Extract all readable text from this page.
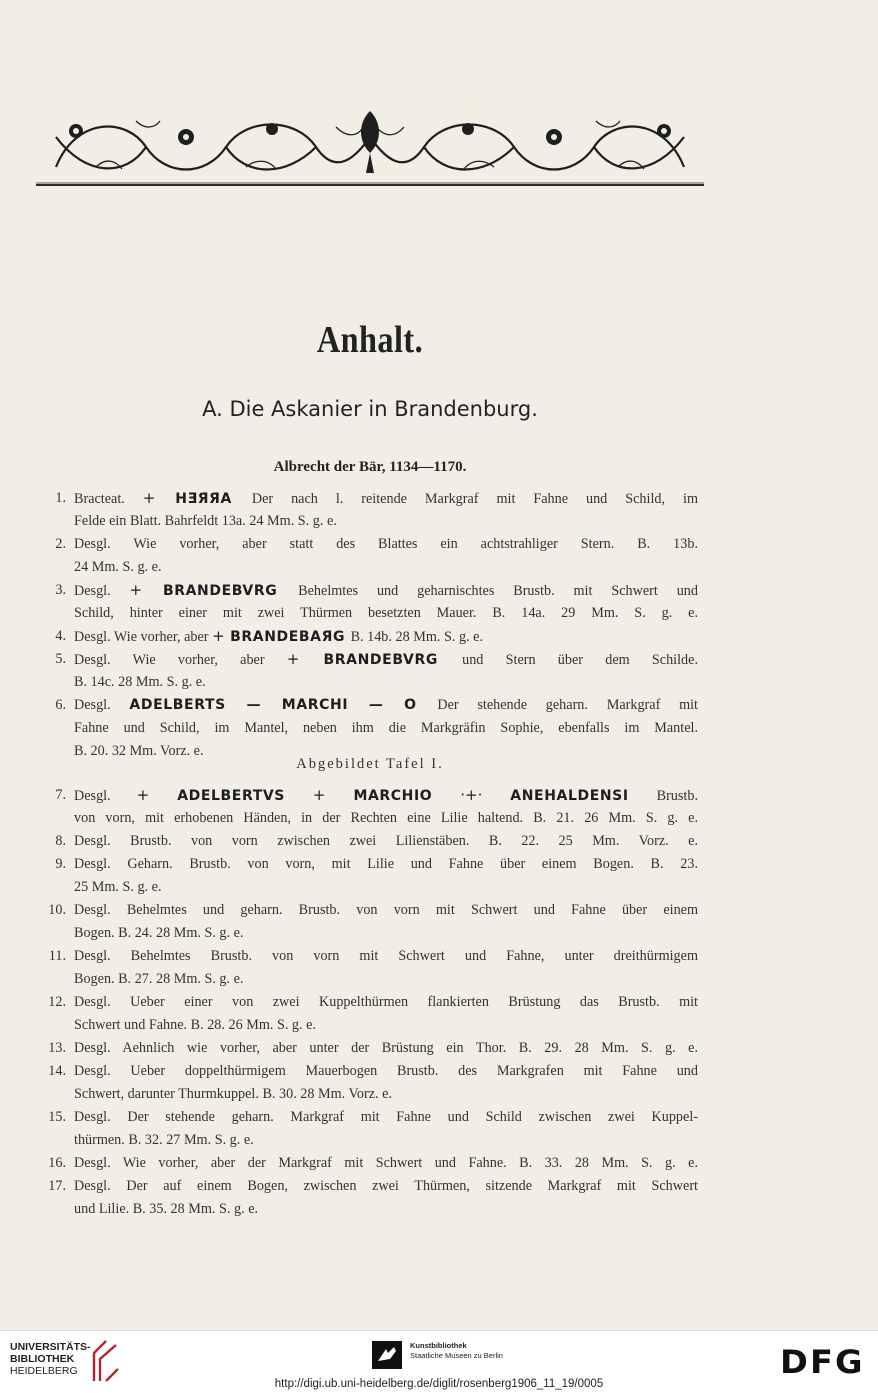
Anhalt.
A. Die Askanier in Brandenburg.
Albrecht der Bär, 1134—1170.
1. Bracteat. + HƎЯЯA Der nach l. reitende Markgraf mit Fahne und Schild, im
Felde ein Blatt. Bahrfeldt 13a. 24 Mm. S. g. e.
2. Desgl. Wie vorher, aber statt des Blattes ein achtstrahliger Stern. B. 13b.
24 Mm. S. g. e.
3. Desgl. + BRANDEBVRG Behelmtes und geharnischtes Brustb. mit Schwert und
Schild, hinter einer mit zwei Thürmen besetzten Mauer. B. 14a. 29 Mm. S. g. e.
4. Desgl. Wie vorher, aber + BRANDEBAЯG B. 14b. 28 Mm. S. g. e.
5. Desgl. Wie vorher, aber + BRANDEBVRG und Stern über dem Schilde.
B. 14c. 28 Mm. S. g. e.
6. Desgl. ADELBERTS — MARCHI — O Der stehende geharn. Markgraf mit
Fahne und Schild, im Mantel, neben ihm die Markgräfin Sophie, ebenfalls im Mantel.
B. 20. 32 Mm. Vorz. e.
7. Desgl. + ADELBERTVS + MARCHIO ·+· ANEHALDENSI Brustb.
von vorn, mit erhobenen Händen, in der Rechten eine Lilie haltend. B. 21. 26 Mm. S. g. e.
8. Desgl. Brustb. von vorn zwischen zwei Lilienstäben. B. 22. 25 Mm. Vorz. e.
9. Desgl. Geharn. Brustb. von vorn, mit Lilie und Fahne über einem Bogen. B. 23.
25 Mm. S. g. e.
10. Desgl. Behelmtes und geharn. Brustb. von vorn mit Schwert und Fahne über einem
Bogen. B. 24. 28 Mm. S. g. e.
11. Desgl. Behelmtes Brustb. von vorn mit Schwert und Fahne, unter dreithürmigem
Bogen. B. 27. 28 Mm. S. g. e.
12. Desgl. Ueber einer von zwei Kuppelthürmen flankierten Brüstung das Brustb. mit
Schwert und Fahne. B. 28. 26 Mm. S. g. e.
13. Desgl. Aehnlich wie vorher, aber unter der Brüstung ein Thor. B. 29. 28 Mm. S. g. e.
14. Desgl. Ueber doppelthürmigem Mauerbogen Brustb. des Markgrafen mit Fahne und
Schwert, darunter Thurmkuppel. B. 30. 28 Mm. Vorz. e.
15. Desgl. Der stehende geharn. Markgraf mit Fahne und Schild zwischen zwei Kuppel-
thürmen. B. 32. 27 Mm. S. g. e.
16. Desgl. Wie vorher, aber der Markgraf mit Schwert und Fahne. B. 33. 28 Mm. S. g. e.
17. Desgl. Der auf einem Bogen, zwischen zwei Thürmen, sitzende Markgraf mit Schwert
und Lilie. B. 35. 28 Mm. S. g. e.
Abgebildet Tafel I.
UNIVERSITÄTS-
BIBLIOTHEK
HEIDELBERG
Kunstbibliothek
Staatliche Museen zu Berlin	DFG
http://digi.ub.uni-heidelberg.de/diglit/rosenberg1906_11_19/0005
